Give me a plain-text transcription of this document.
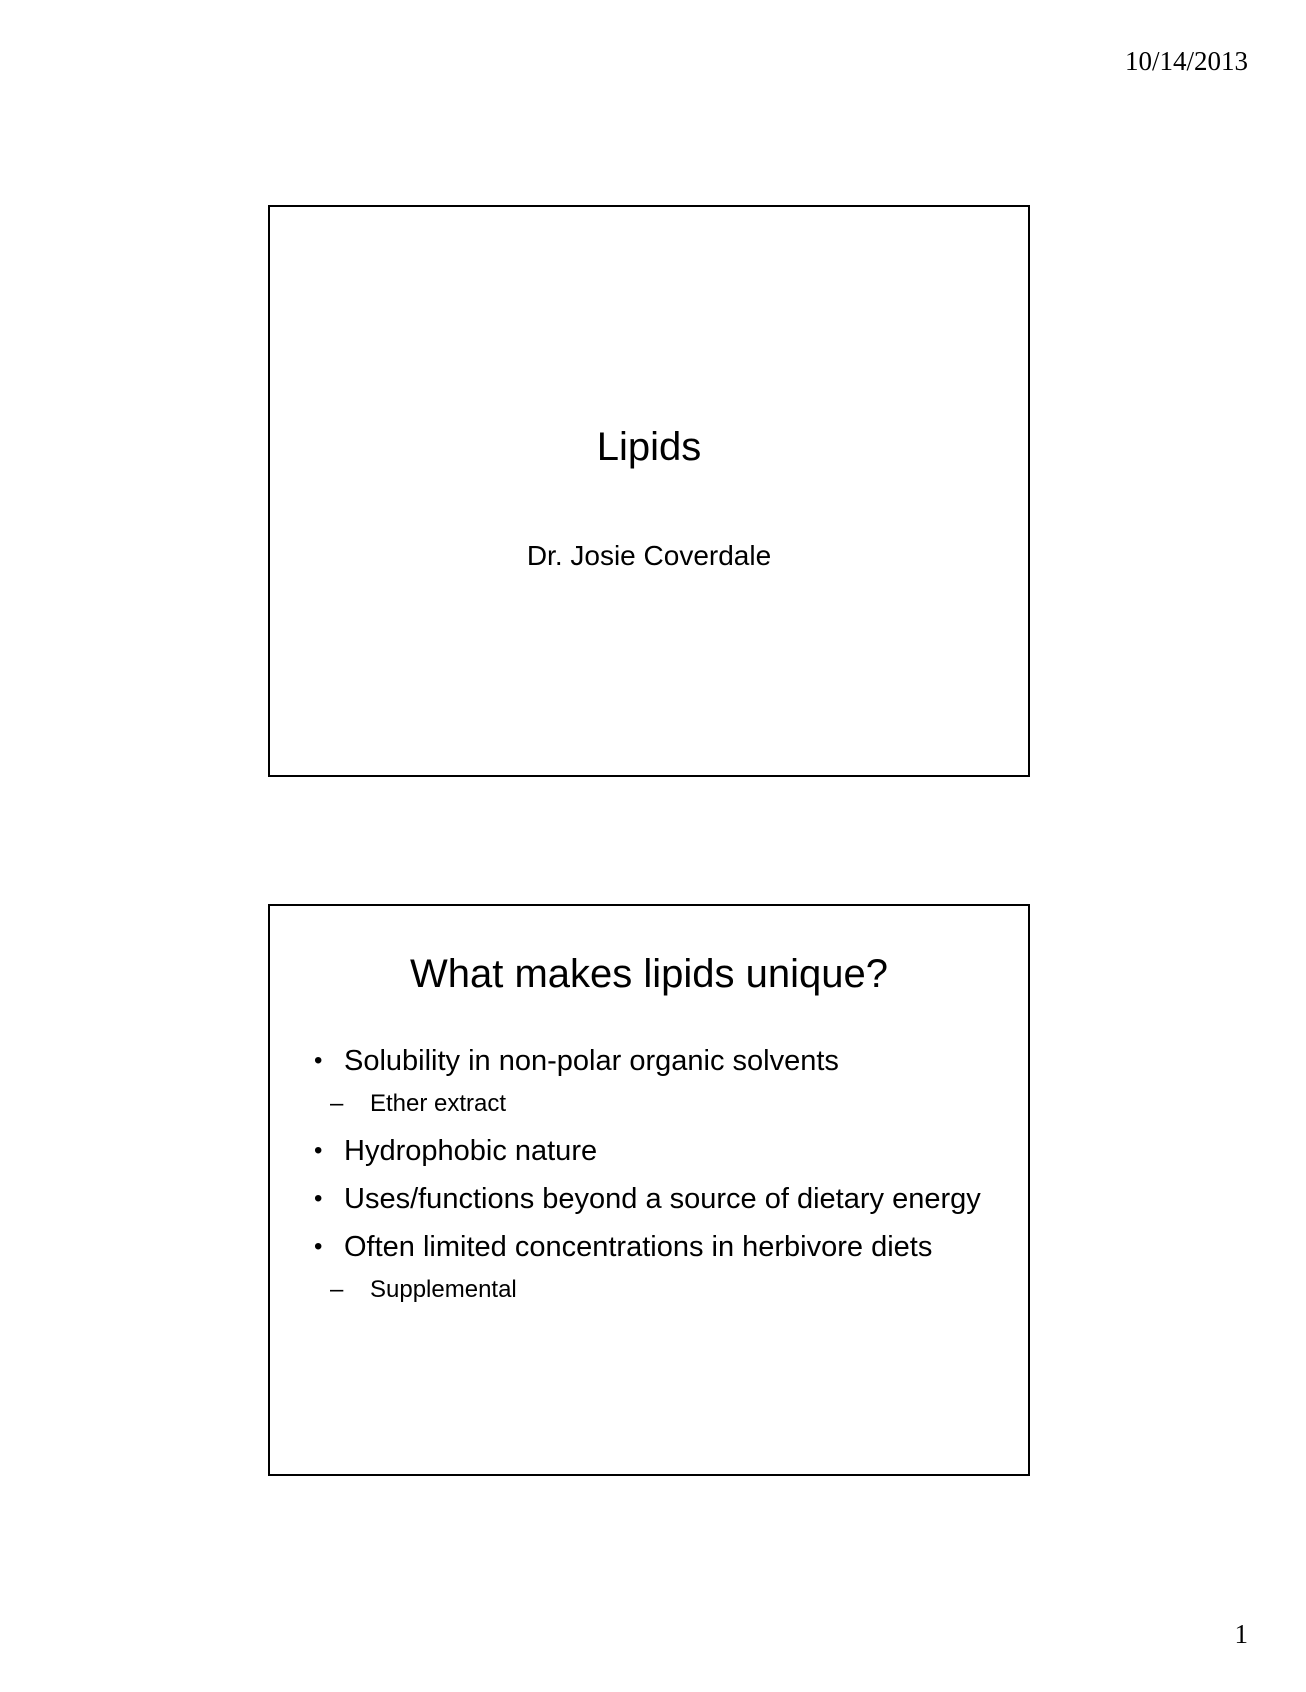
10/14/2013
Lipids
Dr. Josie Coverdale
What makes lipids unique?
• Solubility in non-polar organic solvents
– Ether extract
• Hydrophobic nature
• Uses/functions beyond a source of dietary energy
• Often limited concentrations in herbivore diets
– Supplemental
1
